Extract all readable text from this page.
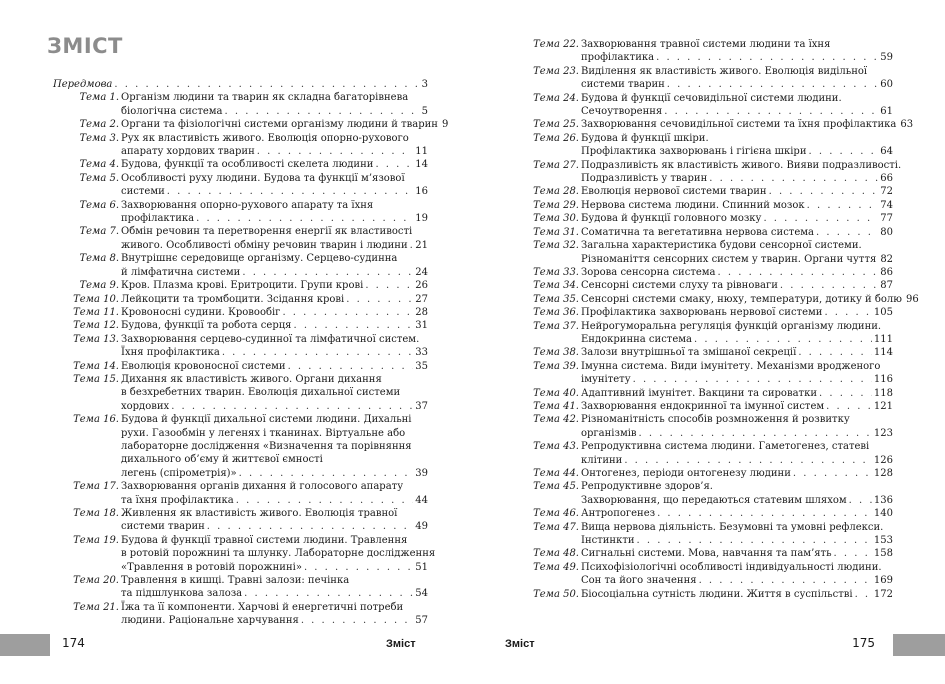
ЗМІСТ
Передмова . . .	3
Тема 1. Організм людини та тварин як складна багаторівнева
біологічна система . . .	5
Тема 2. Органи та фізіологічні системи організму людини й тварин 9
Тема 3. Рух як властивість живого. Еволюція опорно-рухового
апарату хордових тварин . . .	11
Тема 4. Будова, функції та особливості скелета людини . . .	14
Тема 5. Особливості руху людини. Будова та функції м’язової
системи . . .	16
Тема 6. Захворювання опорно-рухового апарату та їхня
профілактика . . .	19
Тема 7. Обмін речовин та перетворення енергії як властивості
живого. Особливості обміну речовин тварин і людини . . . 21
Тема 8. Внутрішнє середовище організму. Серцево-судинна
й лімфатична системи . . .	24
Тема 9. Кров. Плазма крові. Еритроцити. Групи крові . . .	26
Тема 10. Лейкоцити та тромбоцити. Зсідання крові . . .	27
Тема 11. Кровоносні судини. Кровообіг . . .	28
Тема 12. Будова, функції та робота серця . . .	31
Тема 13. Захворювання серцево-судинної та лімфатичної систем.
Їхня профілактика . . .	33
Тема 14. Еволюція кровоносної системи . . .	35
Тема 15. Дихання як властивість живого. Органи дихання
в безхребетних тварин. Еволюція дихальної системи
хордових . . .	37
Тема 16. Будова й функції дихальної системи людини. Дихальні
рухи. Газообмін у легенях і тканинах. Віртуальне або
лабораторне дослідження «Визначення та порівняння
дихального об’єму й життєвої ємності
легень (спірометрія)» . . .	39
Тема 17. Захворювання органів дихання й голосового апарату
та їхня профілактика . . .	44
Тема 18. Живлення як властивість живого. Еволюція травної
системи тварин . . .	49
Тема 19. Будова й функції травної системи людини. Травлення
в ротовій порожнині та шлунку. Лабораторне дослідження
«Травлення в ротовій порожнині» . . .	51
Тема 20. Травлення в кишці. Травні залози: печінка
та підшлункова залоза . . .	54
Тема 21. Їжа та її компоненти. Харчові й енергетичні потреби
людини. Раціональне харчування . . .	57
174	Зміст
Тема 22. Захворювання травної системи людини та їхня
профілактика . . .	59
Тема 23. Виділення як властивість живого. Еволюція видільної
системи тварин . . .	60
Тема 24. Будова й функції сечовидільної системи людини.
Сечоутворення . . .	61
Тема 25. Захворювання сечовидільної системи та їхня профілактика 63
Тема 26. Будова й функції шкіри.
Профілактика захворювань і гігієна шкіри . . .	64
Тема 27. Подразливість як властивість живого. Вияви подразливості.
Подразливість у тварин . . .	66
Тема 28. Еволюція нервової системи тварин . . .	72
Тема 29. Нервова система людини. Спинний мозок . . .	74
Тема 30. Будова й функції головного мозку . . .	77
Тема 31. Соматична та вегетативна нервова система . . .	80
Тема 32. Загальна характеристика будови сенсорної системи.
Різноманіття сенсорних систем у тварин. Органи чуття 82
Тема 33. Зорова сенсорна система . . .	86
Тема 34. Сенсорні системи слуху та рівноваги . . .	87
Тема 35. Сенсорні системи смаку, нюху, температури, дотику й болю 96
Тема 36. Профілактика захворювань нервової системи . . .	105
Тема 37. Нейрогуморальна регуляція функцій організму людини.
Ендокринна система . . .	111
Тема 38. Залози внутрішньої та змішаної секреції . . .	114
Тема 39. Імунна система. Види імунітету. Механізми вродженого
імунітету . . .	116
Тема 40. Адаптивний імунітет. Вакцини та сироватки . . .	118
Тема 41. Захворювання ендокринної та імунної систем . . .	121
Тема 42. Різноманітність способів розмноження й розвитку
організмів . . .	123
Тема 43. Репродуктивна система людини. Гаметогенез, статеві
клітини . . .	126
Тема 44. Онтогенез, періоди онтогенезу людини . . .	128
Тема 45. Репродуктивне здоров’я.
Захворювання, що передаються статевим шляхом . . .	136
Тема 46. Антропогенез . . .	140
Тема 47. Вища нервова діяльність. Безумовні та умовні рефлекси.
Інстинкти . . .	153
Тема 48. Сигнальні системи. Мова, навчання та пам’ять . . .	158
Тема 49. Психофізіологічні особливості індивідуальності людини.
Сон та його значення . . .	169
Тема 50. Біосоціальна сутність людини. Життя в суспільстві . . . 172
Зміст	175
